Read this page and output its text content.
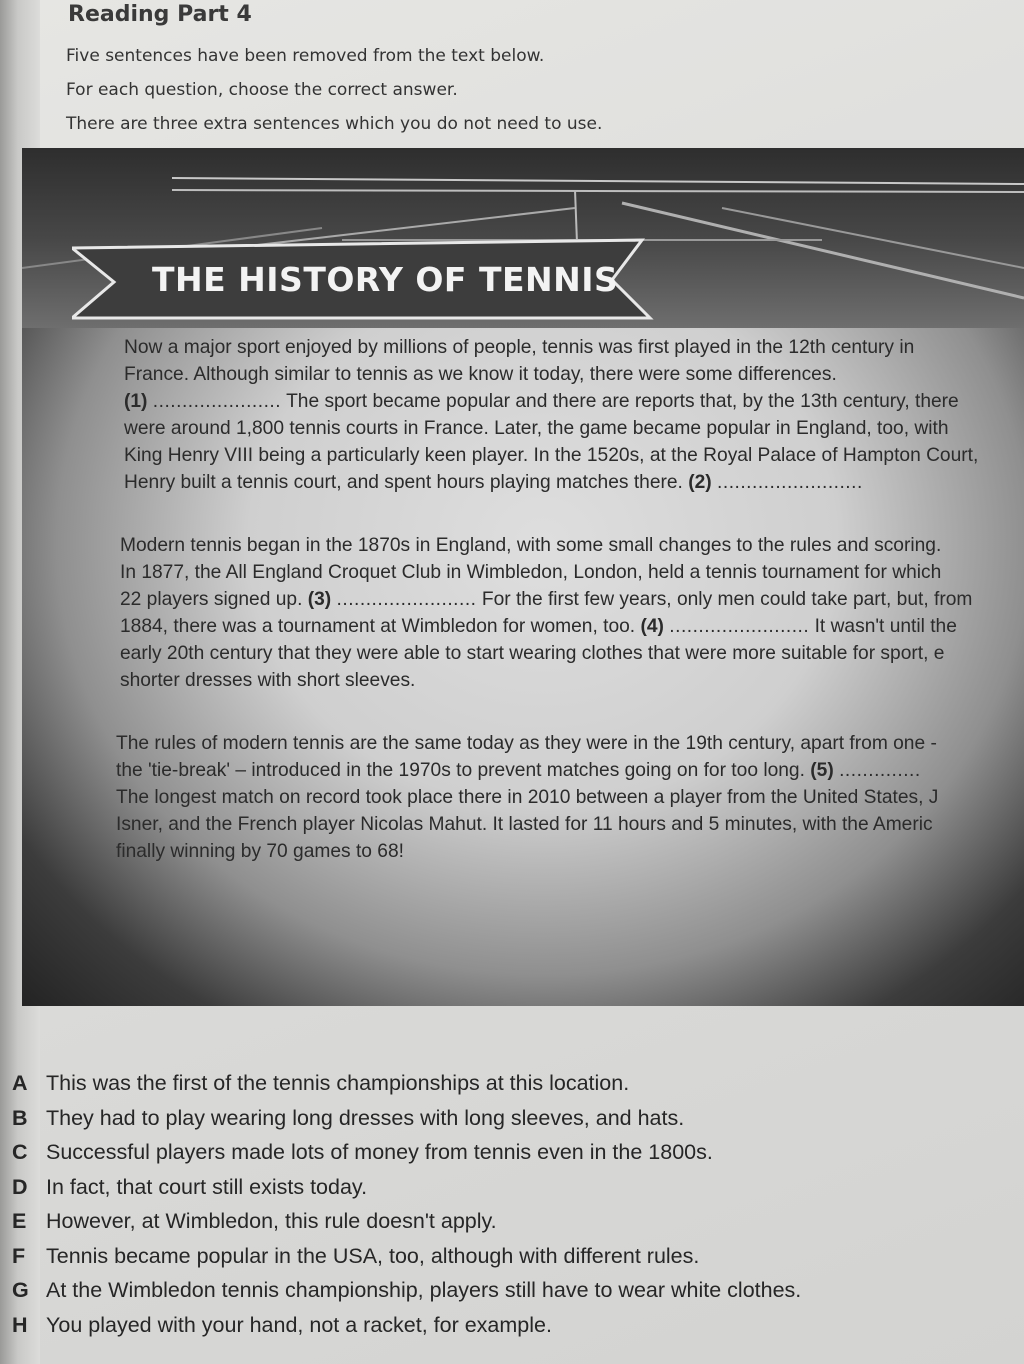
Reading Part 4

Five sentences have been removed from the text below.

For each question, choose the correct answer.

There are three extra sentences which you do not need to use.

THE HISTORY OF TENNIS

Now a major sport enjoyed by millions of people, tennis was first played in the 12th century in
France. Although similar to tennis as we know it today, there were some differences.
(1) ...................... The sport became popular and there are reports that, by the 13th century, there
were around 1,800 tennis courts in France. Later, the game became popular in England, too, with
King Henry VIII being a particularly keen player. In the 1520s, at the Royal Palace of Hampton Court,
Henry built a tennis court, and spent hours playing matches there. (2) .........................

Modern tennis began in the 1870s in England, with some small changes to the rules and scoring.
In 1877, the All England Croquet Club in Wimbledon, London, held a tennis tournament for which
22 players signed up. (3) ........................ For the first few years, only men could take part, but, from
1884, there was a tournament at Wimbledon for women, too. (4) ........................ It wasn't until the
early 20th century that they were able to start wearing clothes that were more suitable for sport, e
shorter dresses with short sleeves.

The rules of modern tennis are the same today as they were in the 19th century, apart from one -
the 'tie-break' – introduced in the 1970s to prevent matches going on for too long. (5) ..............
The longest match on record took place there in 2010 between a player from the United States, J
Isner, and the French player Nicolas Mahut. It lasted for 11 hours and 5 minutes, with the Americ
finally winning by 70 games to 68!

A This was the first of the tennis championships at this location.
B They had to play wearing long dresses with long sleeves, and hats.
C Successful players made lots of money from tennis even in the 1800s.
D In fact, that court still exists today.
E However, at Wimbledon, this rule doesn't apply.
F Tennis became popular in the USA, too, although with different rules.
G At the Wimbledon tennis championship, players still have to wear white clothes.
H You played with your hand, not a racket, for example.
